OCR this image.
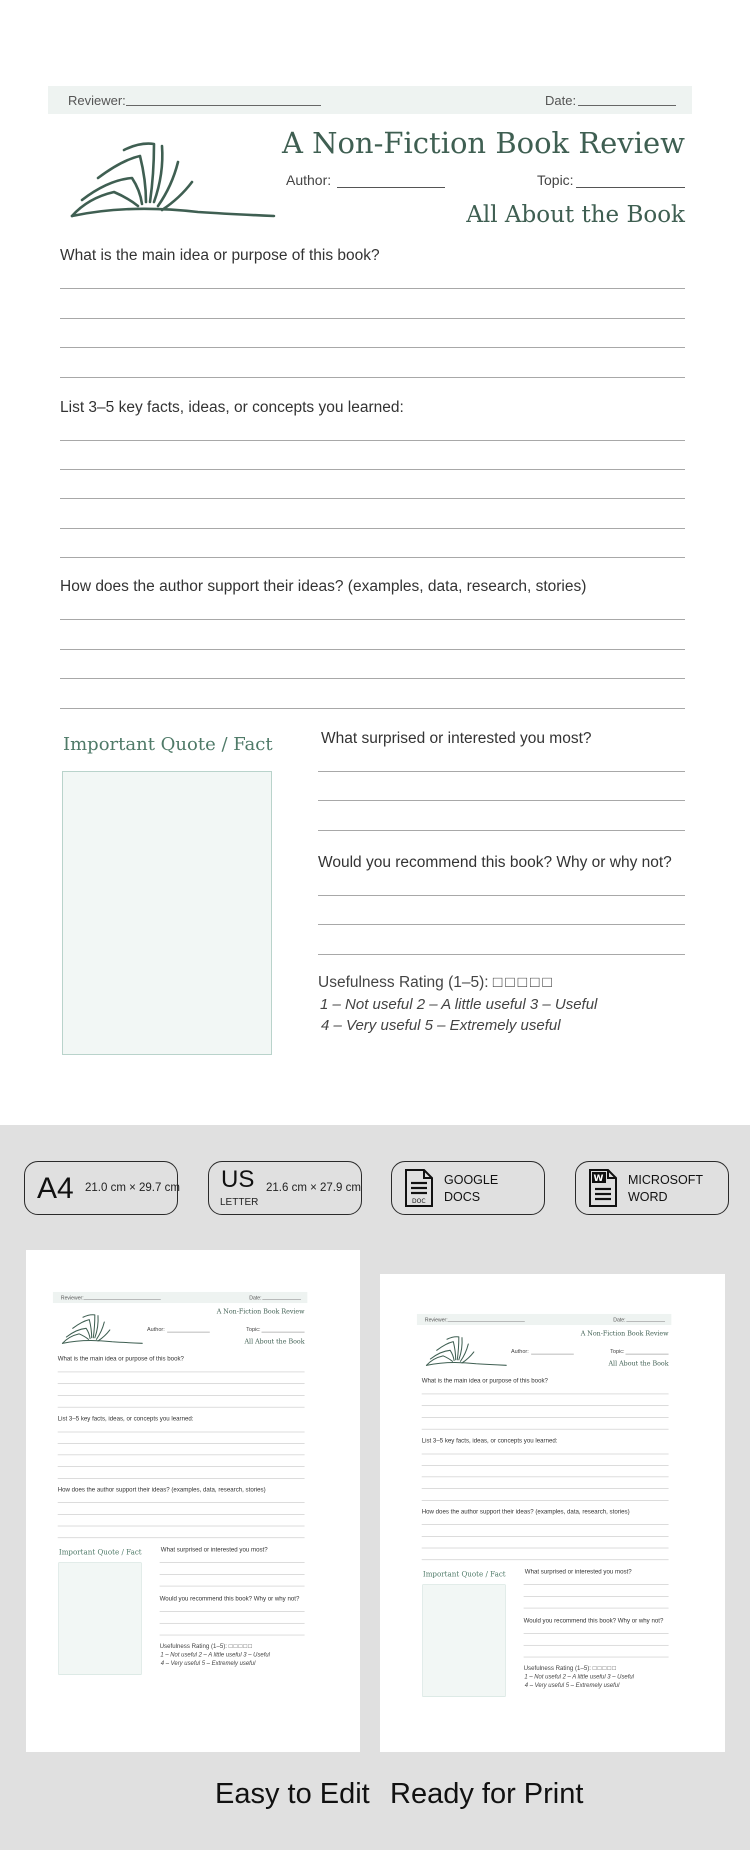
Reviewer:	Date:
A Non-Fiction Book Review
Author:	Topic:
All About the Book
What is the main idea or purpose of this book?
List 3–5 key facts, ideas, or concepts you learned:
How does the author support their ideas? (examples, data, research, stories)
Important Quote / Fact	What surprised or interested you most?
Would you recommend this book? Why or why not?
Usefulness Rating (1–5): □□□□□
1 – Not useful 2 – A little useful 3 – Useful
4 – Very useful 5 – Extremely useful
A4 21.0 cm × 29.7 cm US
LETTER
21.6 cm × 27.9 cm
DOC
GOOGLE
DOCS
W MICROSOFT
WORD
Reviewer:	Date:
A Non-Fiction Book Review
Author:	Topic:
All About the Book
What is the main idea or purpose of this book?
List 3–5 key facts, ideas, or concepts you learned:
How does the author support their ideas? (examples, data, research, stories)
Important Quote / Fact What surprised or interested you most?
Would you recommend this book? Why or why not?
Usefulness Rating (1–5): □□□□□
1 – Not useful 2 – A little useful 3 – Useful
4 – Very useful 5 – Extremely useful
Reviewer:	Date:
A Non-Fiction Book Review
Author:	Topic:
All About the Book
What is the main idea or purpose of this book?
List 3–5 key facts, ideas, or concepts you learned:
How does the author support their ideas? (examples, data, research, stories)
Important Quote / Fact What surprised or interested you most?
Would you recommend this book? Why or why not?
Usefulness Rating (1–5): □□□□□
1 – Not useful 2 – A little useful 3 – Useful
4 – Very useful 5 – Extremely useful
Easy to Edit Ready for Print
